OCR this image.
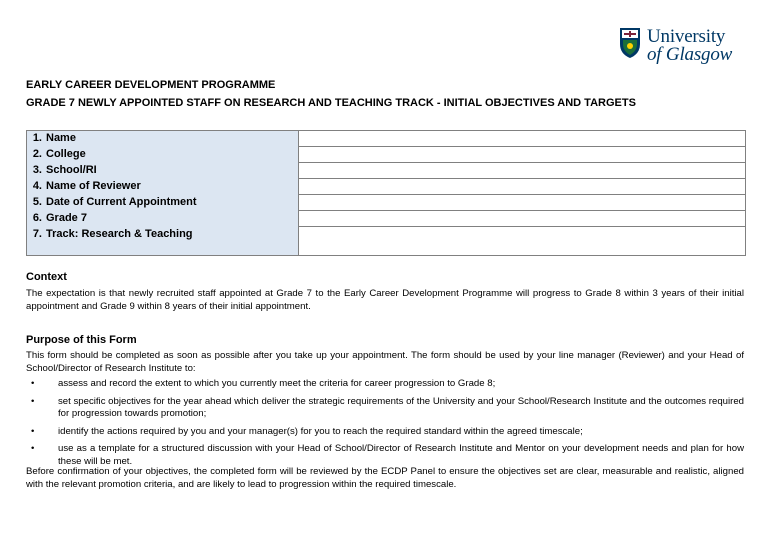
University
of Glasgow
EARLY CAREER DEVELOPMENT PROGRAMME
GRADE 7 NEWLY APPOINTED STAFF ON RESEARCH AND TEACHING TRACK - INITIAL OBJECTIVES AND TARGETS
1. Name
2. College
3. School/RI
4. Name of Reviewer
5. Date of Current Appointment
6. Grade 7
7. Track: Research & Teaching

Context
The expectation is that newly recruited staff appointed at Grade 7 to the Early Career Development Programme will progress to Grade 8 within 3 years of their initial appointment and Grade 9 within 8 years of their initial appointment.
Purpose of this Form
This form should be completed as soon as possible after you take up your appointment. The form should be used by your line manager (Reviewer) and your Head of School/Director of Research Institute to:
• assess and record the extent to which you currently meet the criteria for career progression to Grade 8;
• set specific objectives for the year ahead which deliver the strategic requirements of the University and your School/Research Institute and the outcomes required for progression towards promotion;
• identify the actions required by you and your manager(s) for you to reach the required standard within the agreed timescale;
• use as a template for a structured discussion with your Head of School/Director of Research Institute and Mentor on your development needs and plan for how these will be met.
Before confirmation of your objectives, the completed form will be reviewed by the ECDP Panel to ensure the objectives set are clear, measurable and realistic, aligned with the relevant promotion criteria, and are likely to lead to progression within the required timescale.
